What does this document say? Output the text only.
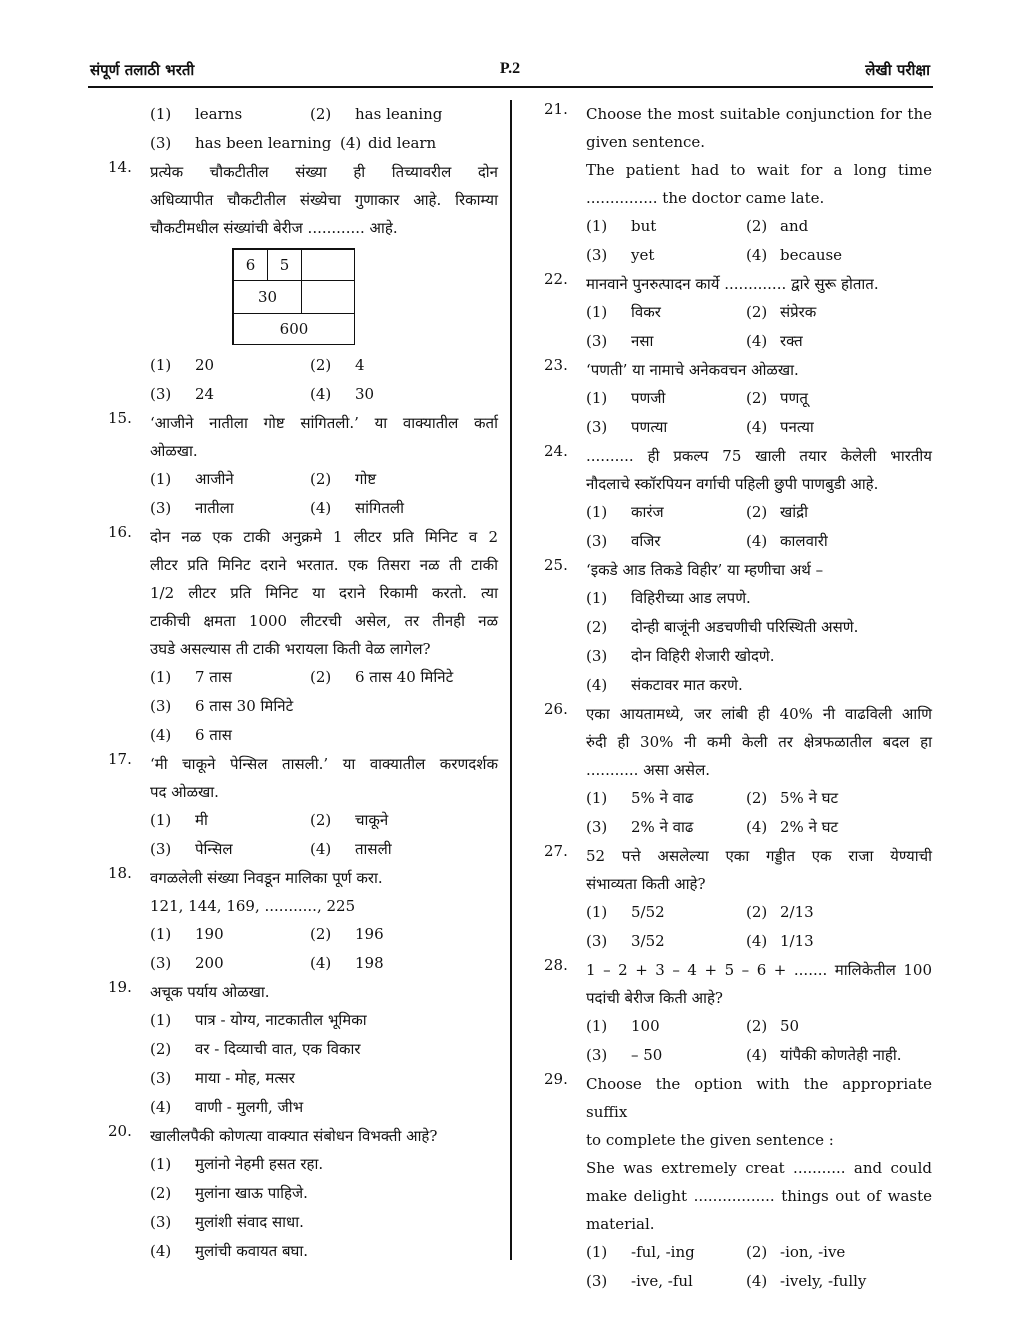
संपूर्ण तलाठी भरती	P.2	लेखी परीक्षा
(1)	learns	(2)	has leaning
(3)	has been learning (4) did learn
14.	प्रत्येक चौकटीतील संख्या ही तिच्यावरील दोन
अधिव्यापीत चौकटीतील संख्येचा गुणाकार आहे. रिकाम्या
चौकटीमधील संख्यांची बेरीज ............ आहे.
6	5
30
600
(1)	20	(2)	4
(3)	24	(4)	30
15.	‘आजीने नातीला गोष्ट सांगितली.’ या वाक्यातील कर्ता
ओळखा.
(1)	आजीने	(2)	गोष्ट
(3)	नातीला	(4)	सांगितली
16.	दोन नळ एक टाकी अनुक्रमे 1 लीटर प्रति मिनिट व 2
लीटर प्रति मिनिट दराने भरतात. एक तिसरा नळ ती टाकी
1/2 लीटर प्रति मिनिट या दराने रिकामी करतो. त्या
टाकीची क्षमता 1000 लीटरची असेल, तर तीनही नळ
उघडे असल्यास ती टाकी भरायला किती वेळ लागेल?
(1)	7 तास	(2)	6 तास 40 मिनिटे
(3)	6 तास 30 मिनिटे
(4)	6 तास
17.	‘मी चाकूने पेन्सिल तासली.’ या वाक्यातील करणदर्शक
पद ओळखा.
(1)	मी	(2)	चाकूने
(3)	पेन्सिल	(4)	तासली
18.	वगळलेली संख्या निवडून मालिका पूर्ण करा.
121, 144, 169, ..........., 225
(1)	190	(2)	196
(3)	200	(4)	198
19.	अचूक पर्याय ओळखा.
(1)	पात्र - योग्य, नाटकातील भूमिका
(2)	वर - दिव्याची वात, एक विकार
(3)	माया - मोह, मत्सर
(4)	वाणी - मुलगी, जीभ
20.	खालीलपैकी कोणत्या वाक्यात संबोधन विभक्ती आहे?
(1)	मुलांनो नेहमी हसत रहा.
(2)	मुलांना खाऊ पाहिजे.
(3)	मुलांशी संवाद साधा.
(4)	मुलांची कवायत बघा.
21.	Choose the most suitable conjunction for the
given sentence.
The patient had to wait for a long time
............... the doctor came late.
(1)	but	(2) and
(3)	yet	(4) because
22.	मानवाने पुनरुत्पादन कार्ये ............. द्वारे सुरू होतात.
(1)	विकर	(2) संप्रेरक
(3)	नसा	(4) रक्त
23.	‘पणती’ या नामाचे अनेकवचन ओळखा.
(1)	पणजी	(2) पणतू
(3)	पणत्या	(4) पनत्या
24.	.......... ही प्रकल्प 75 खाली तयार केलेली भारतीय
नौदलाचे स्कॉरपियन वर्गाची पहिली छुपी पाणबुडी आहे.
(1)	कारंज	(2) खांद्री
(3)	वजिर	(4) कालवारी
25.	‘इकडे आड तिकडे विहीर’ या म्हणीचा अर्थ –
(1)	विहिरीच्या आड लपणे.
(2)	दोन्ही बाजूंनी अडचणीची परिस्थिती असणे.
(3)	दोन विहिरी शेजारी खोदणे.
(4)	संकटावर मात करणे.
26.	एका आयतामध्ये, जर लांबी ही 40% नी वाढविली आणि
रुंदी ही 30% नी कमी केली तर क्षेत्रफळातील बदल हा
........... असा असेल.
(1)	5% ने वाढ	(2) 5% ने घट
(3)	2% ने वाढ	(4) 2% ने घट
27.	52 पत्ते असलेल्या एका गड्डीत एक राजा येण्याची
संभाव्यता किती आहे?
(1)	5/52	(2) 2/13
(3)	3/52	(4) 1/13
28.	1 – 2 + 3 – 4 + 5 – 6 + ....... मालिकेतील 100
पदांची बेरीज किती आहे?
(1)	100	(2) 50
(3)	– 50	(4) यांपैकी कोणतेही नाही.
29.	Choose the option with the appropriate suffix
to complete the given sentence :
She was extremely creat ........... and could
make delight ................. things out of waste
material.
(1)	-ful, -ing	(2) -ion, -ive
(3)	-ive, -ful	(4) -ively, -fully
